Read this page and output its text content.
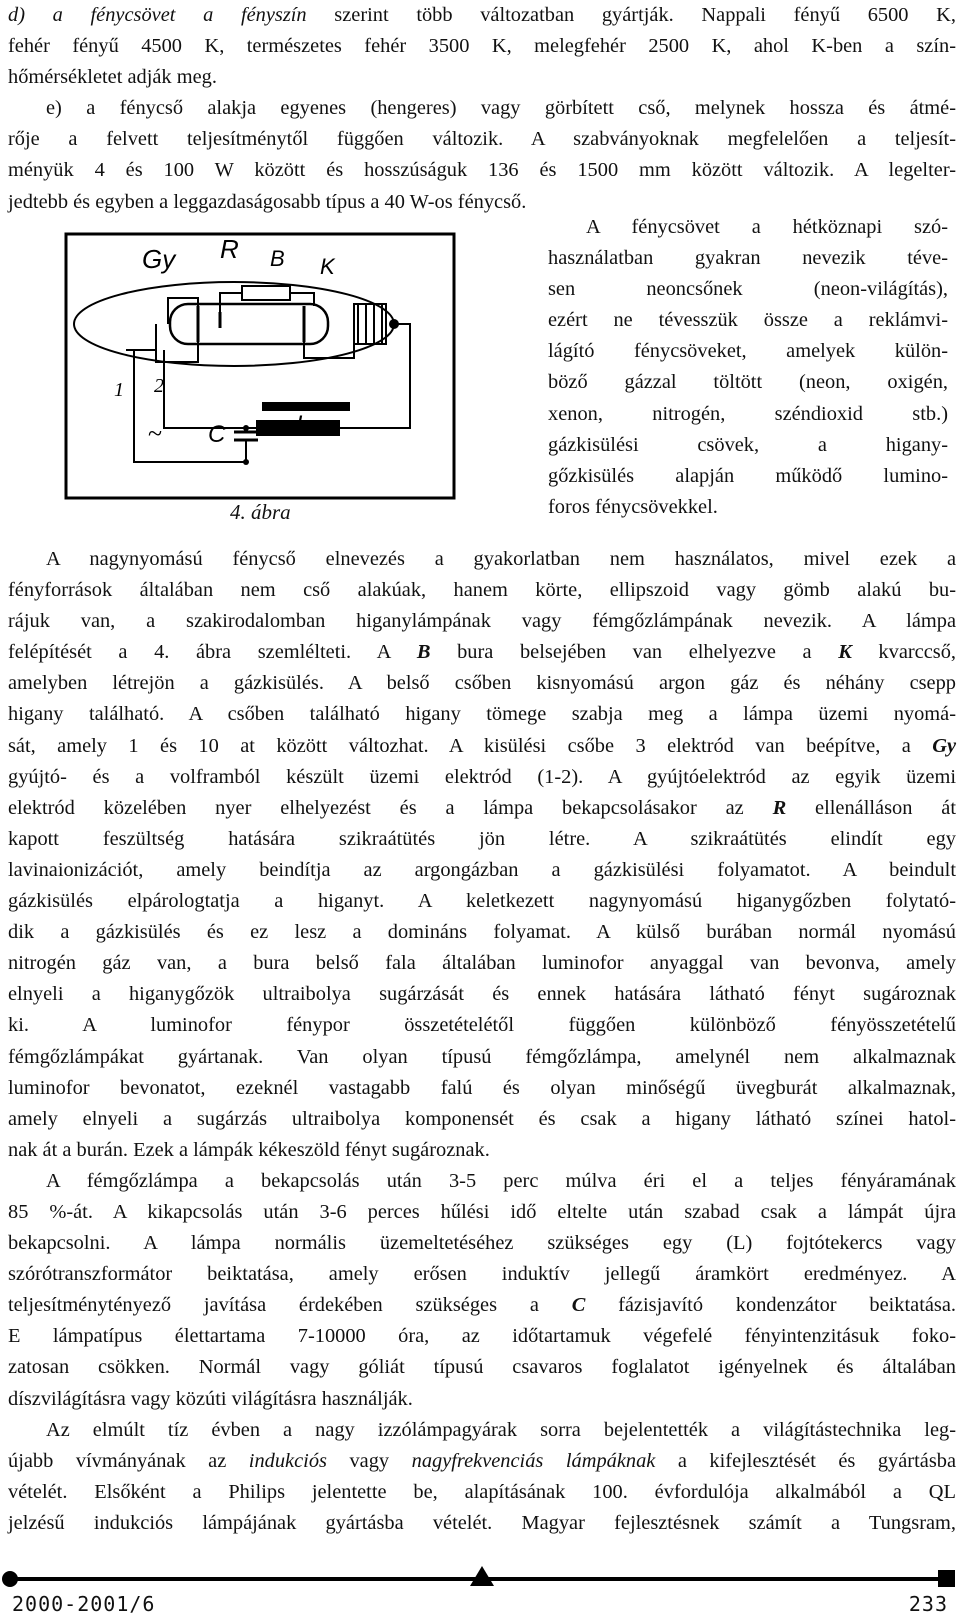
d) a fénycsövet a fényszín szerint több változatban gyártják. Nappali fényű 6500 K,
fehér fényű 4500 K, természetes fehér 3500 K, melegfehér 2500 K, ahol K-ben a szín-
hőmérsékletet adják meg.
e) a fénycső alakja egyenes (hengeres) vagy görbített cső, melynek hossza és átmé-
rője a felvett teljesítménytől függően változik. A szabványoknak megfelelően a teljesít-
ményük 4 és 100 W között és hosszúságuk 136 és 1500 mm között változik. A legelter-
jedtebb és egyben a leggazdaságosabb típus a 40 W-os fénycső.
Gy R B K
1 2
~ C	L
4. ábra
A fénycsövet a hétköznapi szó-
használatban gyakran nevezik téve-
sen neoncsőnek (neon-világítás),
ezért ne tévesszük össze a reklámvi-
lágító fénycsöveket, amelyek külön-
böző gázzal töltött (neon, oxigén,
xenon, nitrogén, széndioxid stb.)
gázkisülési csövek, a higany-
gőzkisülés alapján működő lumino-
foros fénycsövekkel.
A nagynyomású fénycső elnevezés a gyakorlatban nem használatos, mivel ezek a
fényforrások általában nem cső alakúak, hanem körte, ellipszoid vagy gömb alakú bu-
rájuk van, a szakirodalomban higanylámpának vagy fémgőzlámpának nevezik. A lámpa
felépítését a 4. ábra szemlélteti. A B bura belsejében van elhelyezve a K kvarccső,
amelyben létrejön a gázkisülés. A belső csőben kisnyomású argon gáz és néhány csepp
higany található. A csőben található higany tömege szabja meg a lámpa üzemi nyomá-
sát, amely 1 és 10 at között változhat. A kisülési csőbe 3 elektród van beépítve, a Gy
gyújtó- és a volframból készült üzemi elektród (1-2). A gyújtóelektród az egyik üzemi
elektród közelében nyer elhelyezést és a lámpa bekapcsolásakor az R ellenálláson át
kapott feszültség hatására szikraátütés jön létre. A szikraátütés elindít egy
lavinaionizációt, amely beindítja az argongázban a gázkisülési folyamatot. A beindult
gázkisülés elpárologtatja a higanyt. A keletkezett nagynyomású higanygőzben folytató-
dik a gázkisülés és ez lesz a domináns folyamat. A külső burában normál nyomású
nitrogén gáz van, a bura belső fala általában luminofor anyaggal van bevonva, amely
elnyeli a higanygőzök ultraibolya sugárzását és ennek hatására látható fényt sugároznak
ki. A luminofor fénypor összetételétől függően különböző fényösszetételű
fémgőzlámpákat gyártanak. Van olyan típusú fémgőzlámpa, amelynél nem alkalmaznak
luminofor bevonatot, ezeknél vastagabb falú és olyan minőségű üvegburát alkalmaznak,
amely elnyeli a sugárzás ultraibolya komponensét és csak a higany látható színei hatol-
nak át a burán. Ezek a lámpák kékeszöld fényt sugároznak.
A fémgőzlámpa a bekapcsolás után 3-5 perc múlva éri el a teljes fényáramának
85 %-át. A kikapcsolás után 3-6 perces hűlési idő eltelte után szabad csak a lámpát újra
bekapcsolni. A lámpa normális üzemeltetéséhez szükséges egy (L) fojtótekercs vagy
szórótranszformátor beiktatása, amely erősen induktív jellegű áramkört eredményez. A
teljesítménytényező javítása érdekében szükséges a C fázisjavító kondenzátor beiktatása.
E lámpatípus élettartama 7-10000 óra, az időtartamuk végefelé fényintenzitásuk foko-
zatosan csökken. Normál vagy góliát típusú csavaros foglalatot igényelnek és általában
díszvilágításra vagy közúti világításra használják.
Az elmúlt tíz évben a nagy izzólámpagyárak sorra bejelentették a világítástechnika leg-
újabb vívmányának az indukciós vagy nagyfrekvenciás lámpáknak a kifejlesztését és gyártásba
vételét. Elsőként a Philips jelentette be, alapításának 100. évfordulója alkalmából a QL
jelzésű indukciós lámpájának gyártásba vételét. Magyar fejlesztésnek számít a Tungsram,
2000-2001/6	233
